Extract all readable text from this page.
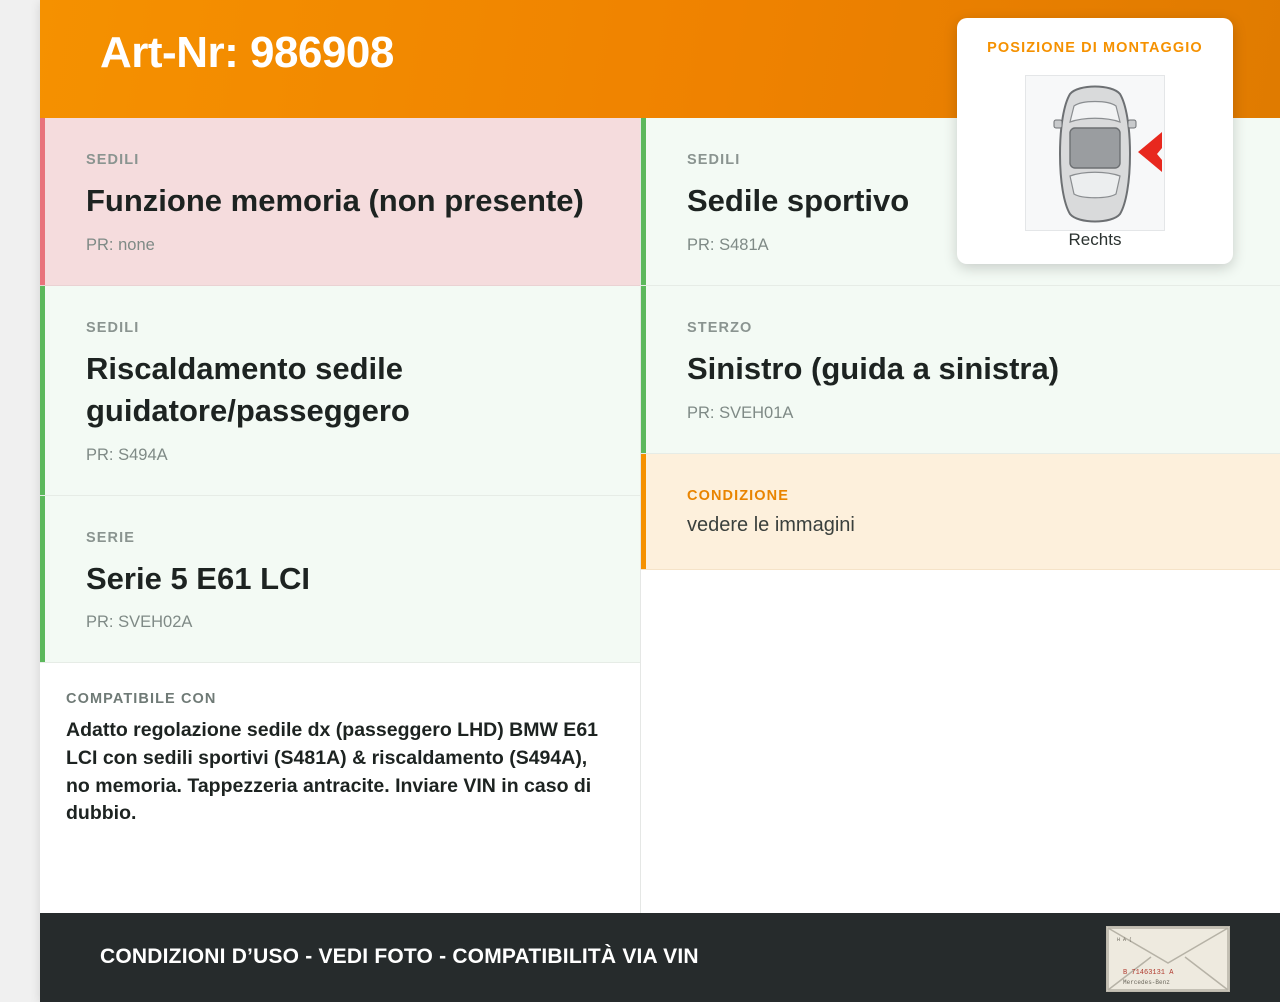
Art-Nr: 986908
SEDILI
Funzione memoria (non presente)
PR: none
SEDILI
Riscaldamento sedile guidatore/passeggero
PR: S494A
SERIE
Serie 5 E61 LCI
PR: SVEH02A
COMPATIBILE CON
Adatto regolazione sedile dx (passeggero LHD) BMW E61 LCI con sedili sportivi (S481A) & riscaldamento (S494A), no memoria. Tappezzeria antracite. Inviare VIN in caso di dubbio.
SEDILI
Sedile sportivo
PR: S481A
STERZO
Sinistro (guida a sinistra)
PR: SVEH01A
CONDIZIONE
vedere le immagini
POSIZIONE DI MONTAGGIO
Rechts
CONDIZIONI D’USO - VEDI FOTO - COMPATIBILITÀ VIA VIN
H A (
B 71463131 A
Mercedes-Benz
